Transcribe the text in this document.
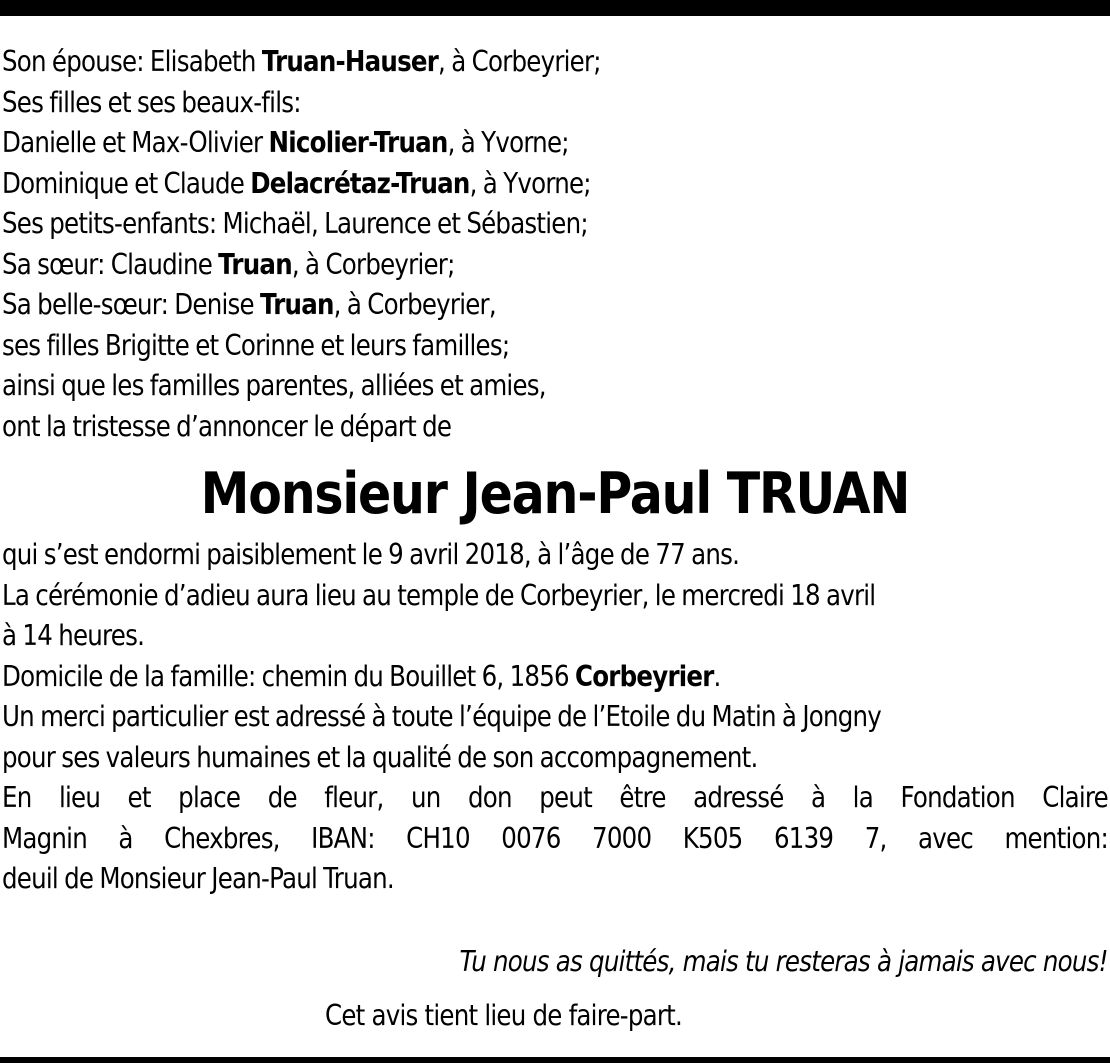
Son épouse: Elisabeth Truan-Hauser, à Corbeyrier;
Ses filles et ses beaux-fils:
Danielle et Max-Olivier Nicolier-Truan, à Yvorne;
Dominique et Claude Delacrétaz-Truan, à Yvorne;
Ses petits-enfants: Michaël, Laurence et Sébastien;
Sa sœur: Claudine Truan, à Corbeyrier;
Sa belle-sœur: Denise Truan, à Corbeyrier,
ses filles Brigitte et Corinne et leurs familles;
ainsi que les familles parentes, alliées et amies,
ont la tristesse d’annoncer le départ de
Monsieur Jean-Paul TRUAN
qui s’est endormi paisiblement le 9 avril 2018, à l’âge de 77 ans.
La cérémonie d’adieu aura lieu au temple de Corbeyrier, le mercredi 18 avril
à 14 heures.
Domicile de la famille: chemin du Bouillet 6, 1856 Corbeyrier.
Un merci particulier est adressé à toute l’équipe de l’Etoile du Matin à Jongny
pour ses valeurs humaines et la qualité de son accompagnement.
En lieu et place de fleur, un don peut être adressé à la Fondation Claire
Magnin à Chexbres, IBAN: CH10 0076 7000 K505 6139 7, avec mention:
deuil de Monsieur Jean-Paul Truan.
Tu nous as quittés, mais tu resteras à jamais avec nous!
Cet avis tient lieu de faire-part.
